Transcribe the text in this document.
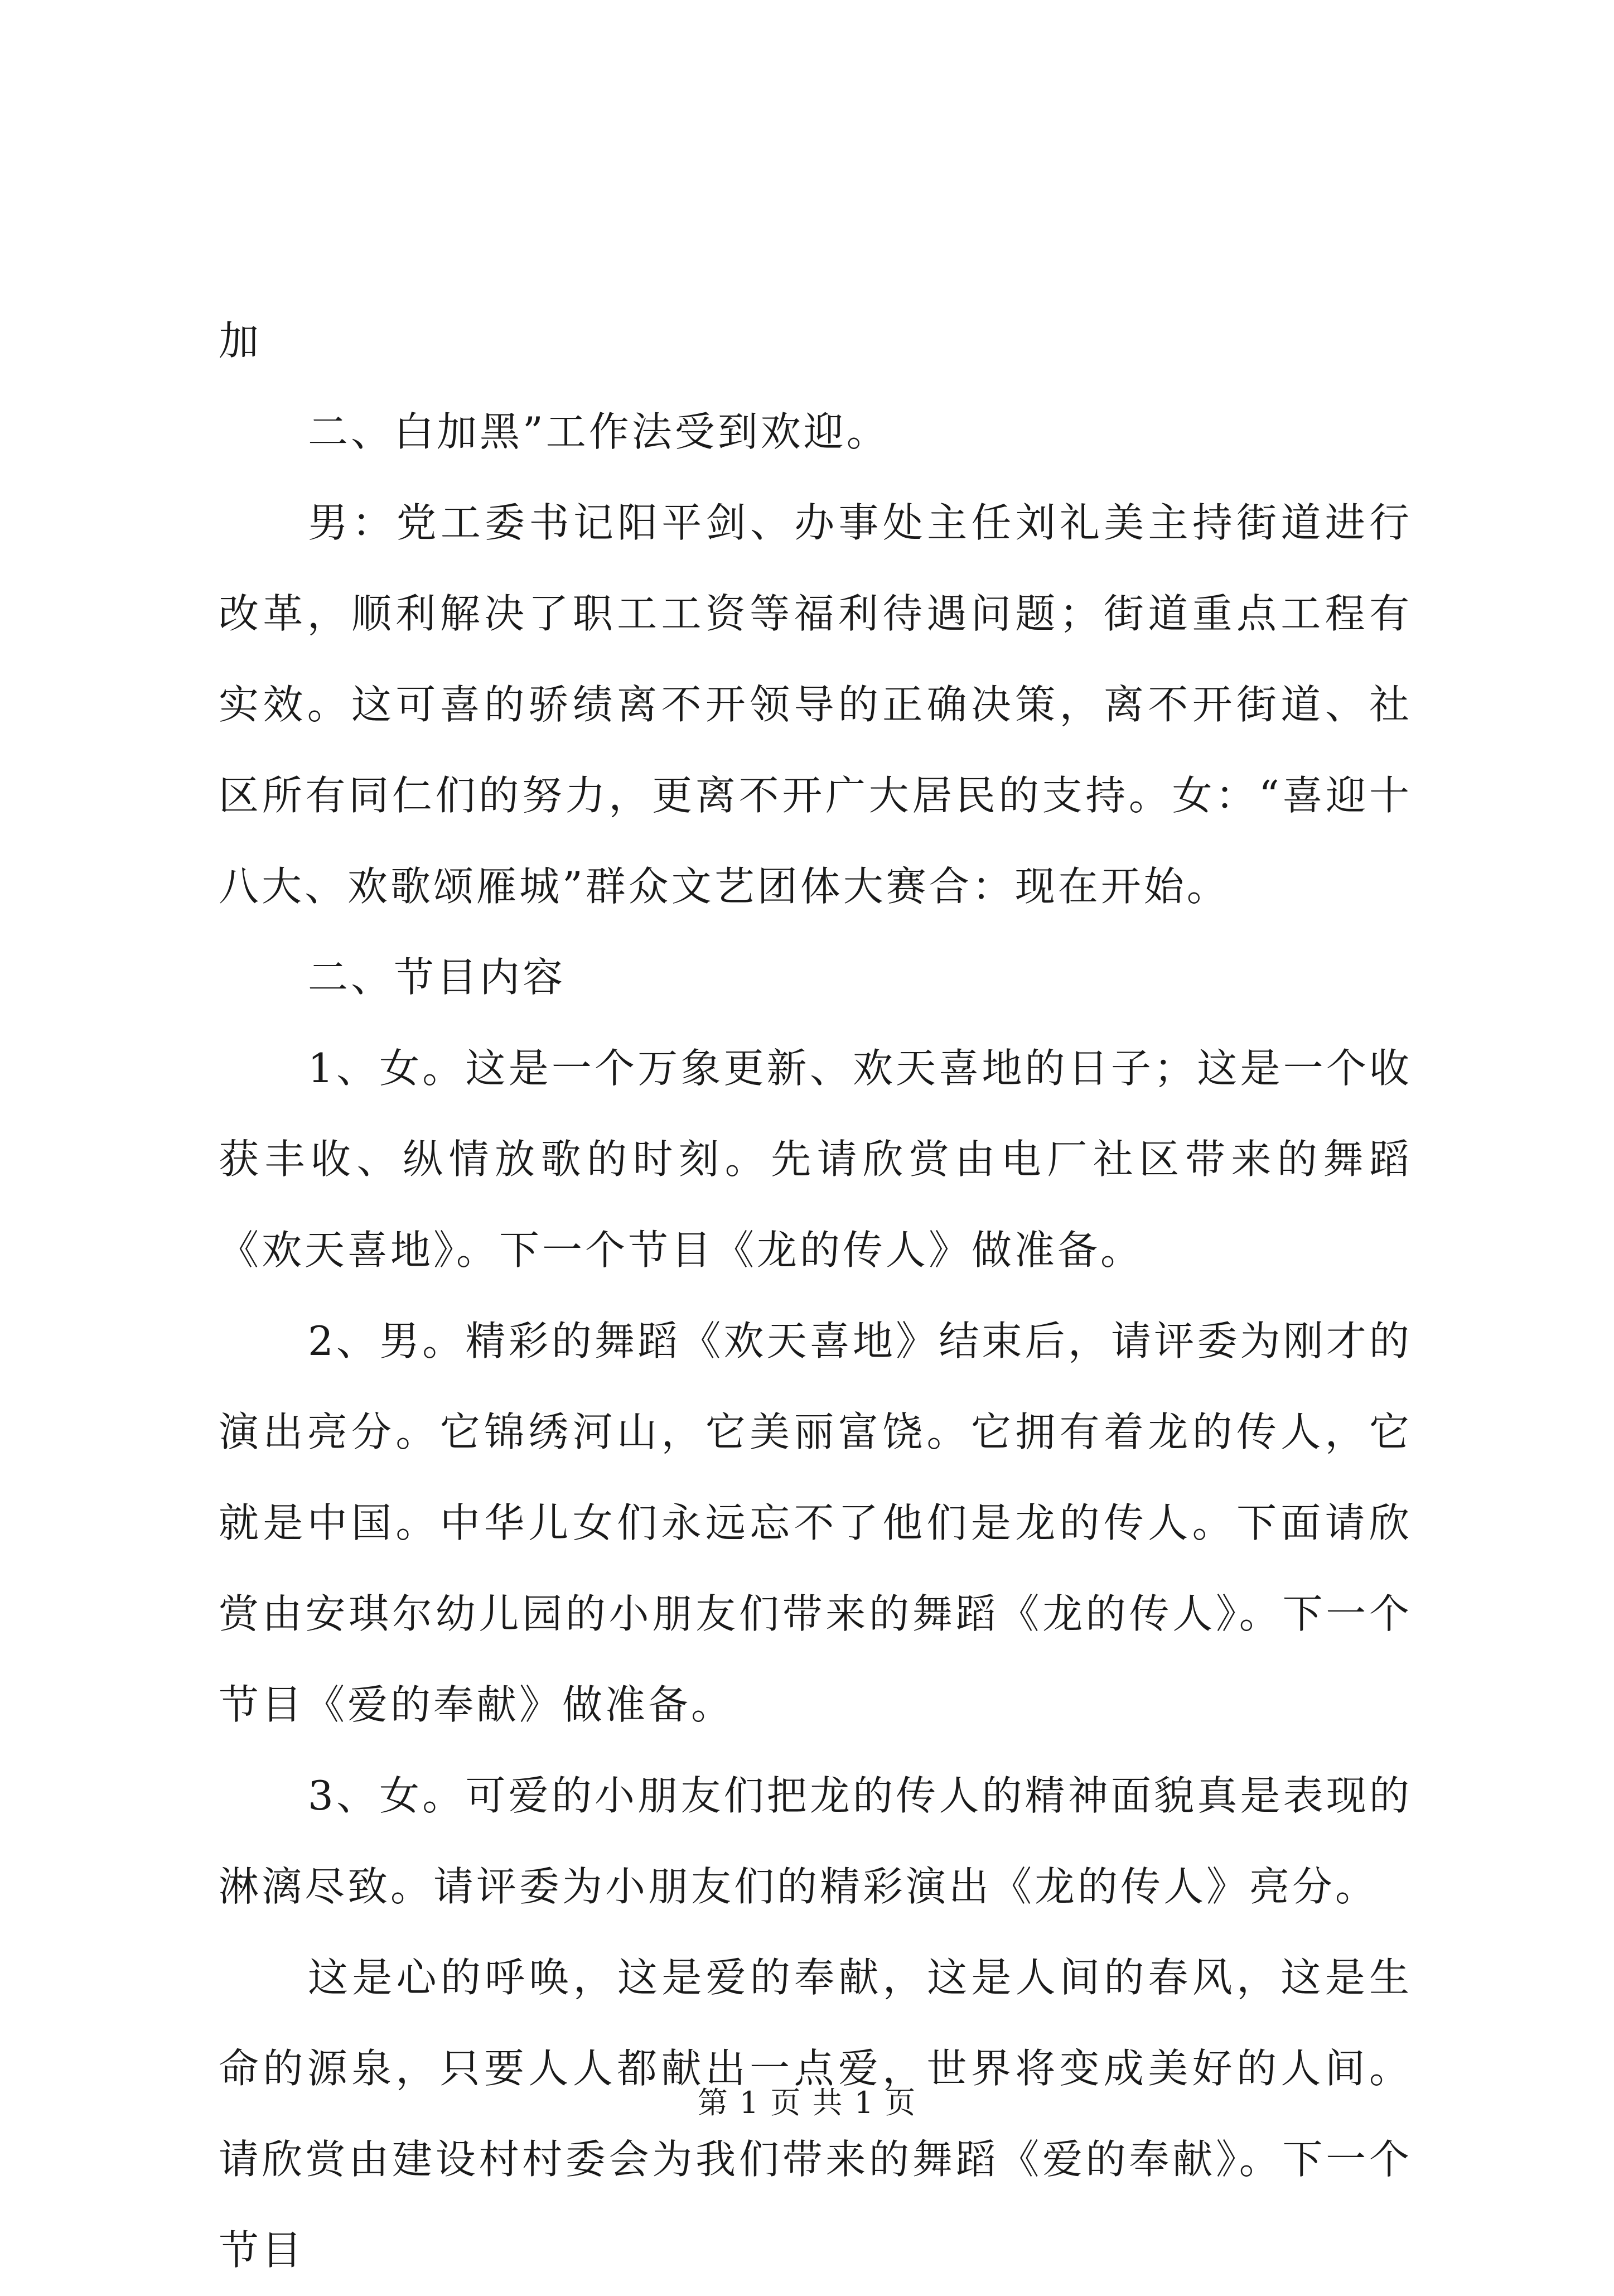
加

二、白加黑”工作法受到欢迎。

男：党工委书记阳平剑、办事处主任刘礼美主持街道进行改革，顺利解决了职工工资等福利待遇问题；街道重点工程有实效。这可喜的骄绩离不开领导的正确决策，离不开街道、社区所有同仁们的努力，更离不开广大居民的支持。女：“喜迎十八大、欢歌颂雁城”群众文艺团体大赛合：现在开始。

二、节目内容

1、女。这是一个万象更新、欢天喜地的日子；这是一个收获丰收、纵情放歌的时刻。先请欣赏由电厂社区带来的舞蹈《欢天喜地》。下一个节目《龙的传人》做准备。

2、男。精彩的舞蹈《欢天喜地》结束后，请评委为刚才的演出亮分。它锦绣河山，它美丽富饶。它拥有着龙的传人，它就是中国。中华儿女们永远忘不了他们是龙的传人。下面请欣赏由安琪尔幼儿园的小朋友们带来的舞蹈《龙的传人》。下一个节目《爱的奉献》做准备。

3、女。可爱的小朋友们把龙的传人的精神面貌真是表现的淋漓尽致。请评委为小朋友们的精彩演出《龙的传人》亮分。

这是心的呼唤，这是爱的奉献，这是人间的春风，这是生命的源泉，只要人人都献出一点爱，世界将变成美好的人间。请欣赏由建设村村委会为我们带来的舞蹈《爱的奉献》。下一个节目

第 1 页 共 1 页
